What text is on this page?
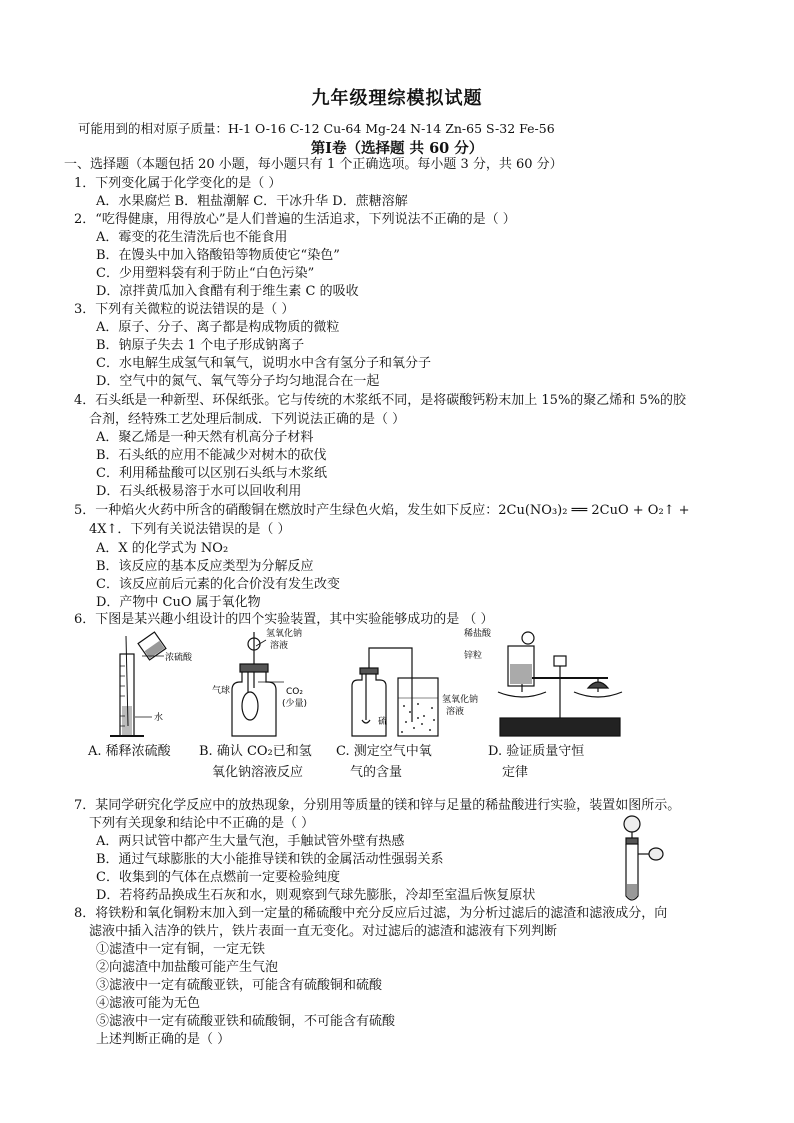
九年级理综模拟试题
可能用到的相对原子质量：H-1 O-16 C-12 Cu-64 Mg-24 N-14 Zn-65 S-32 Fe-56
第Ⅰ卷（选择题 共 60 分）
一、选择题（本题包括 20 小题，每小题只有 1 个正确选项。每小题 3 分，共 60 分）
1．下列变化属于化学变化的是（ ）
A．水果腐烂 B．粗盐潮解 C．干冰升华 D．蔗糖溶解
2．“吃得健康，用得放心”是人们普遍的生活追求，下列说法不正确的是（ ）
A．霉变的花生清洗后也不能食用
B．在馒头中加入铬酸铅等物质使它“染色”
C．少用塑料袋有利于防止“白色污染”
D．凉拌黄瓜加入食醋有利于维生素 C 的吸收
3．下列有关微粒的说法错误的是（ ）
A．原子、分子、离子都是构成物质的微粒
B．钠原子失去 1 个电子形成钠离子
C．水电解生成氢气和氧气，说明水中含有氢分子和氧分子
D．空气中的氮气、氧气等分子均匀地混合在一起
4．石头纸是一种新型、环保纸张。它与传统的木浆纸不同，是将碳酸钙粉末加上 15%的聚乙烯和 5%的胶
合剂，经特殊工艺处理后制成．下列说法正确的是（ ）
A．聚乙烯是一种天然有机高分子材料
B．石头纸的应用不能减少对树木的砍伐
C．利用稀盐酸可以区别石头纸与木浆纸
D．石头纸极易溶于水可以回收利用
5．一种焰火火药中所含的硝酸铜在燃放时产生绿色火焰，发生如下反应：2Cu(NO₃)₂ ══ 2CuO + O₂↑ +
4X↑．下列有关说法错误的是（ ）
A．X 的化学式为 NO₂
B．该反应的基本反应类型为分解反应
C．该反应前后元素的化合价没有发生改变
D．产物中 CuO 属于氧化物
6．下图是某兴趣小组设计的四个实验装置，其中实验能够成功的是 （ ）
浓硫酸
水
氢氧化钠
溶液
气球	CO₂
(少量)
硫
氢氧化钠
溶液
稀盐酸
锌粒
A. 稀释浓硫酸 B. 确认 CO₂已和氢
氧化钠溶液反应
C. 测定空气中氧
气的含量
D. 验证质量守恒
定律
7．某同学研究化学反应中的放热现象，分别用等质量的镁和锌与足量的稀盐酸进行实验，装置如图所示。
下列有关现象和结论中不正确的是（ ）
A．两只试管中都产生大量气泡，手触试管外壁有热感
B．通过气球膨胀的大小能推导镁和铁的金属活动性强弱关系
C．收集到的气体在点燃前一定要检验纯度
D．若将药品换成生石灰和水，则观察到气球先膨胀，冷却至室温后恢复原状
8．将铁粉和氧化铜粉末加入到一定量的稀硫酸中充分反应后过滤，为分析过滤后的滤渣和滤液成分，向
滤液中插入洁净的铁片，铁片表面一直无变化。对过滤后的滤渣和滤液有下列判断
①滤渣中一定有铜，一定无铁
②向滤渣中加盐酸可能产生气泡
③滤液中一定有硫酸亚铁，可能含有硫酸铜和硫酸
④滤液可能为无色
⑤滤液中一定有硫酸亚铁和硫酸铜，不可能含有硫酸
上述判断正确的是（ ）
